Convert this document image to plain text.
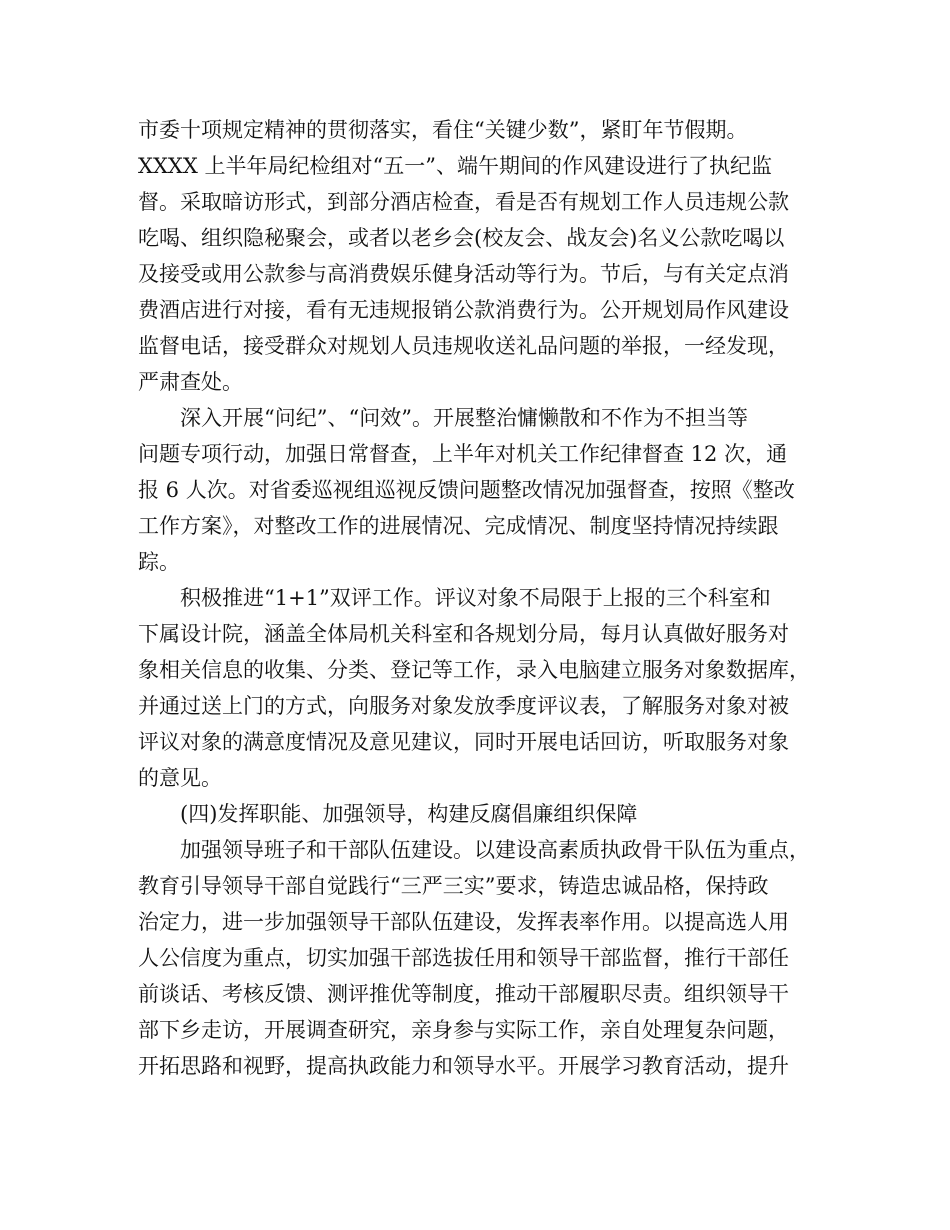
市委十项规定精神的贯彻落实，看住“关键少数”，紧盯年节假期。

XXXX 上半年局纪检组对“五一”、端午期间的作风建设进行了执纪监

督。采取暗访形式，到部分酒店检查，看是否有规划工作人员违规公款

吃喝、组织隐秘聚会，或者以老乡会(校友会、战友会)名义公款吃喝以

及接受或用公款参与高消费娱乐健身活动等行为。节后，与有关定点消

费酒店进行对接，看有无违规报销公款消费行为。公开规划局作风建设

监督电话，接受群众对规划人员违规收送礼品问题的举报，一经发现，

严肃查处。

深入开展“问纪”、“问效”。开展整治慵懒散和不作为不担当等

问题专项行动，加强日常督查，上半年对机关工作纪律督查 12 次，通

报 6 人次。对省委巡视组巡视反馈问题整改情况加强督查，按照《整改

工作方案》，对整改工作的进展情况、完成情况、制度坚持情况持续跟

踪。

积极推进“1+1”双评工作。评议对象不局限于上报的三个科室和

下属设计院，涵盖全体局机关科室和各规划分局，每月认真做好服务对

象相关信息的收集、分类、登记等工作，录入电脑建立服务对象数据库，

并通过送上门的方式，向服务对象发放季度评议表，了解服务对象对被

评议对象的满意度情况及意见建议，同时开展电话回访，听取服务对象

的意见。

(四)发挥职能、加强领导，构建反腐倡廉组织保障

加强领导班子和干部队伍建设。以建设高素质执政骨干队伍为重点，

教育引导领导干部自觉践行“三严三实”要求，铸造忠诚品格，保持政

治定力，进一步加强领导干部队伍建设，发挥表率作用。以提高选人用

人公信度为重点，切实加强干部选拔任用和领导干部监督，推行干部任

前谈话、考核反馈、测评推优等制度，推动干部履职尽责。组织领导干

部下乡走访，开展调查研究，亲身参与实际工作，亲自处理复杂问题，

开拓思路和视野，提高执政能力和领导水平。开展学习教育活动，提升
